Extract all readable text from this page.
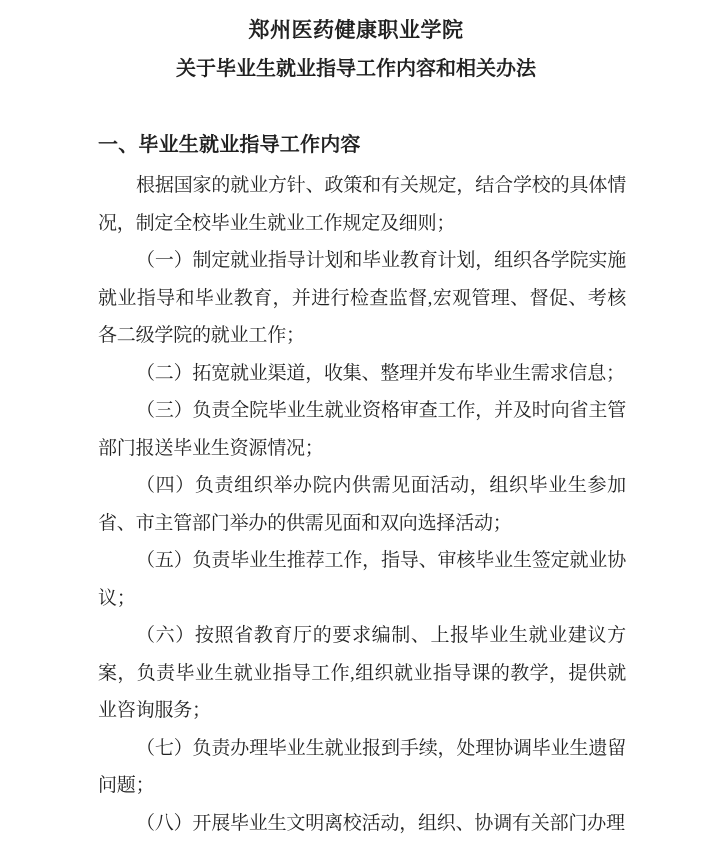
郑州医药健康职业学院
关于毕业生就业指导工作内容和相关办法
一、毕业生就业指导工作内容

根据国家的就业方针、政策和有关规定，结合学校的具体情况，制定全校毕业生就业工作规定及细则；

（一）制定就业指导计划和毕业教育计划，组织各学院实施就业指导和毕业教育，并进行检查监督,宏观管理、督促、考核各二级学院的就业工作；

（二）拓宽就业渠道，收集、整理并发布毕业生需求信息；

（三）负责全院毕业生就业资格审查工作，并及时向省主管部门报送毕业生资源情况；

（四）负责组织举办院内供需见面活动，组织毕业生参加省、市主管部门举办的供需见面和双向选择活动；

（五）负责毕业生推荐工作，指导、审核毕业生签定就业协议；

（六）按照省教育厅的要求编制、上报毕业生就业建议方案，负责毕业生就业指导工作,组织就业指导课的教学，提供就业咨询服务；

（七）负责办理毕业生就业报到手续，处理协调毕业生遗留问题；

（八）开展毕业生文明离校活动，组织、协调有关部门办理
